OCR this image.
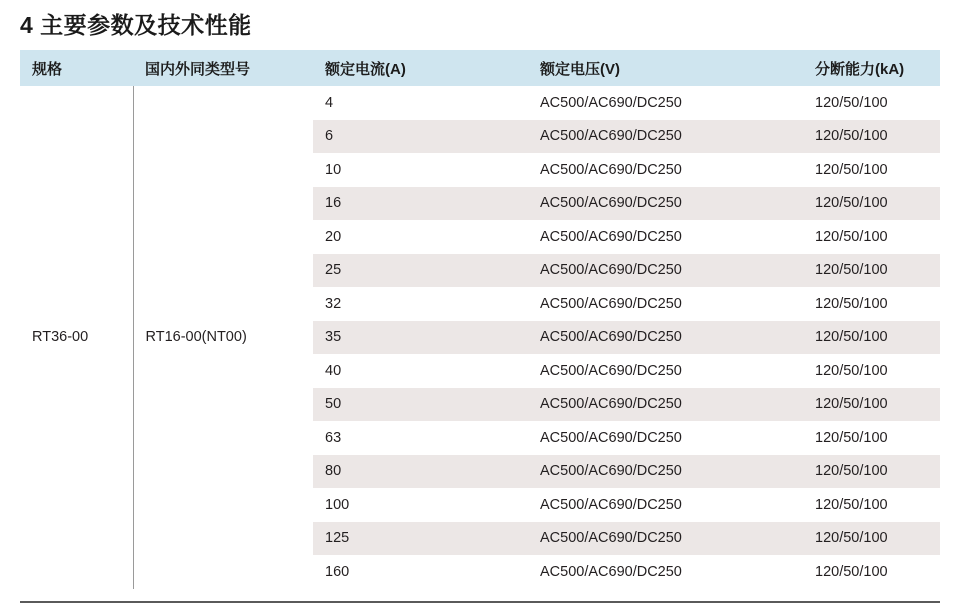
4 主要参数及技术性能
规格	国内外同类型号	额定电流(A)	额定电压(V)	分断能力(kA)
RT36-00	RT16-00(NT00)	4	AC500/AC690/DC250	120/50/100
		6	AC500/AC690/DC250	120/50/100
		10	AC500/AC690/DC250	120/50/100
		16	AC500/AC690/DC250	120/50/100
		20	AC500/AC690/DC250	120/50/100
		25	AC500/AC690/DC250	120/50/100
		32	AC500/AC690/DC250	120/50/100
		35	AC500/AC690/DC250	120/50/100
		40	AC500/AC690/DC250	120/50/100
		50	AC500/AC690/DC250	120/50/100
		63	AC500/AC690/DC250	120/50/100
		80	AC500/AC690/DC250	120/50/100
		100	AC500/AC690/DC250	120/50/100
		125	AC500/AC690/DC250	120/50/100
		160	AC500/AC690/DC250	120/50/100
